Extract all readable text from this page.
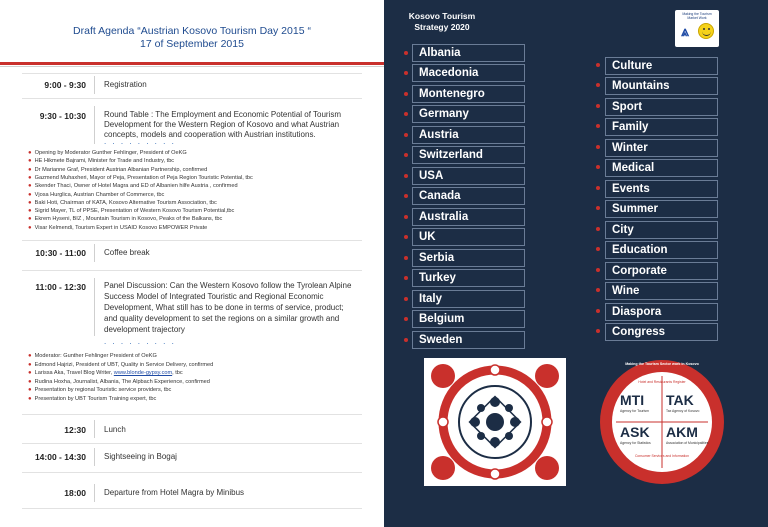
Draft Agenda “Austrian Kosovo Tourism Day 2015 “
17 of September 2015
9:00 - 9:30 Registration
9:30 - 10:30 Round Table : The Employment and Economic Potential of Tourism
Development for the Western Region of Kosovo and what Austrian
concepts, models and cooperation with Austrian institutions.
. . . . . . . . .
● Opening by Moderator Gunther Fehlinger, President of OeKG
● HE Hikmete Bajrami, Minister for Trade and Industry, tbc
● Dr Marianne Graf, President Austrian Albanian Partnership, confirmed
● Gazmend Muhaxheri, Mayor of Peja, Presentation of Peja Region Touristic Potential, tbc
● Skender Thaci, Owner of Hotel Magra and ED of Albanien hilfe Austria , confirmed
● Vjosa Hurglica, Austrian Chamber of Commerce, tbc
● Baki Hoti, Chairman of KATA, Kosovo Alternative Tourism Association, tbc
● Sigrid Mayer, TL of PPSE, Presentation of Western Kosovo Tourism Potential,tbc
● Ekrem Hyseni, BIZ , Mountain Tourism in Kosovo, Peaks of the Balkans, tbc
● Visar Kelmendi, Tourism Expert in USAID Kosovo EMPOWER Private
10:30 - 11:00 Coffee break
11:00 - 12:30 Panel Discussion: Can the Western Kosovo follow the Tyrolean Alpine
Success Model of Integrated Touristic and Regional Economic
Development, What still has to be done in terms of service, product;
and quality development to set the regions on a similar growth and
development trajectory
. . . . . . . . .
● Moderator: Gunther Fehlinger President of OeKG
● Edmond Hajrizi, President of UBT, Quality in Service Delivery, confirmed
● Larissa Aka, Travel Blog Writer, www.blonde-gypsy.com, tbc
● Rudina Hoxha, Journalist, Albania, The Alpbach Experience, confirmed
● Presentation by regional Touristic service providers, tbc
● Presentation by UBT Tourism Training expert, tbc
12:30 Lunch
14:00 - 14:30 Sightseeing in Bogaj
18:00 Departure from Hotel Magra by Minibus
Kosovo Tourism
Strategy 2020
Making the Tourism Market Work
⩓
Albania
Macedonia
Montenegro
Germany
Austria
Switzerland
USA
Canada
Australia
UK
Serbia
Turkey
Italy
Belgium
Sweden
Culture
Mountains
Sport
Family
Winter
Medical
Events
Summer
City
Education
Corporate
Wine
Diaspora
Congress
MTI
Agency for Tourism
TAK
Tax Agency of Kosovo
ASK
Agency for Statistics
AKM
Association of Municipalities
Hotel and Restaurants Register
Consumer Services and Information
Making the Tourism Sector work in Kosovo
